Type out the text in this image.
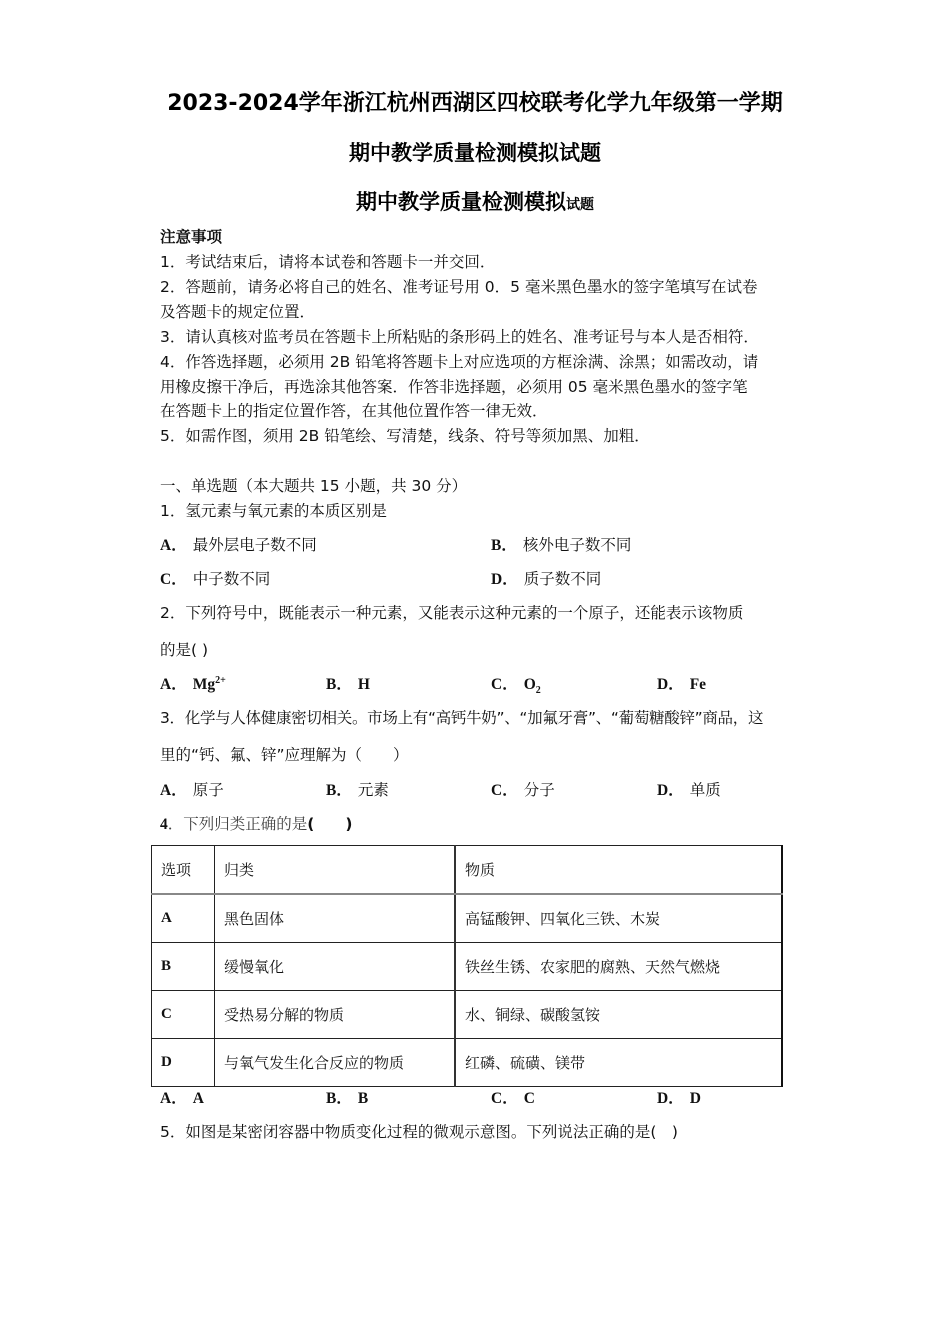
2023-2024学年浙江杭州西湖区四校联考化学九年级第一学期
期中教学质量检测模拟试题
期中教学质量检测模拟试题
注意事项
1．考试结束后，请将本试卷和答题卡一并交回．
2．答题前，请务必将自己的姓名、准考证号用 0．5 毫米黑色墨水的签字笔填写在试卷
及答题卡的规定位置．
3．请认真核对监考员在答题卡上所粘贴的条形码上的姓名、准考证号与本人是否相符．
4．作答选择题，必须用 2B 铅笔将答题卡上对应选项的方框涂满、涂黑；如需改动，请
用橡皮擦干净后，再选涂其他答案．作答非选择题，必须用 05 毫米黑色墨水的签字笔
在答题卡上的指定位置作答，在其他位置作答一律无效．
5．如需作图，须用 2B 铅笔绘、写清楚，线条、符号等须加黑、加粗．
一、单选题（本大题共 15 小题，共 30 分）
1．氢元素与氧元素的本质区别是
A． 最外层电子数不同	B． 核外电子数不同
C． 中子数不同	D． 质子数不同
2．下列符号中，既能表示一种元素，又能表示这种元素的一个原子，还能表示该物质
的是( )
A． $Mg^{2+}$	B． H	C． $O_2$	D． Fe
3．化学与人体健康密切相关。市场上有“高钙牛奶”、“加氟牙膏”、“葡萄糖酸锌”商品，这
里的“钙、氟、锌”应理解为（　　）
A． 原子	B． 元素	C． 分子	D． 单质
4．下列归类正确的是(　　)
选项	归类	物质
A	黑色固体	高锰酸钾、四氧化三铁、木炭
B	缓慢氧化	铁丝生锈、农家肥的腐熟、天然气燃烧
C	受热易分解的物质	水、铜绿、碳酸氢铵
D	与氧气发生化合反应的物质	红磷、硫磺、镁带
A． A	B． B	C． C	D． D
5．如图是某密闭容器中物质变化过程的微观示意图。下列说法正确的是(　)
